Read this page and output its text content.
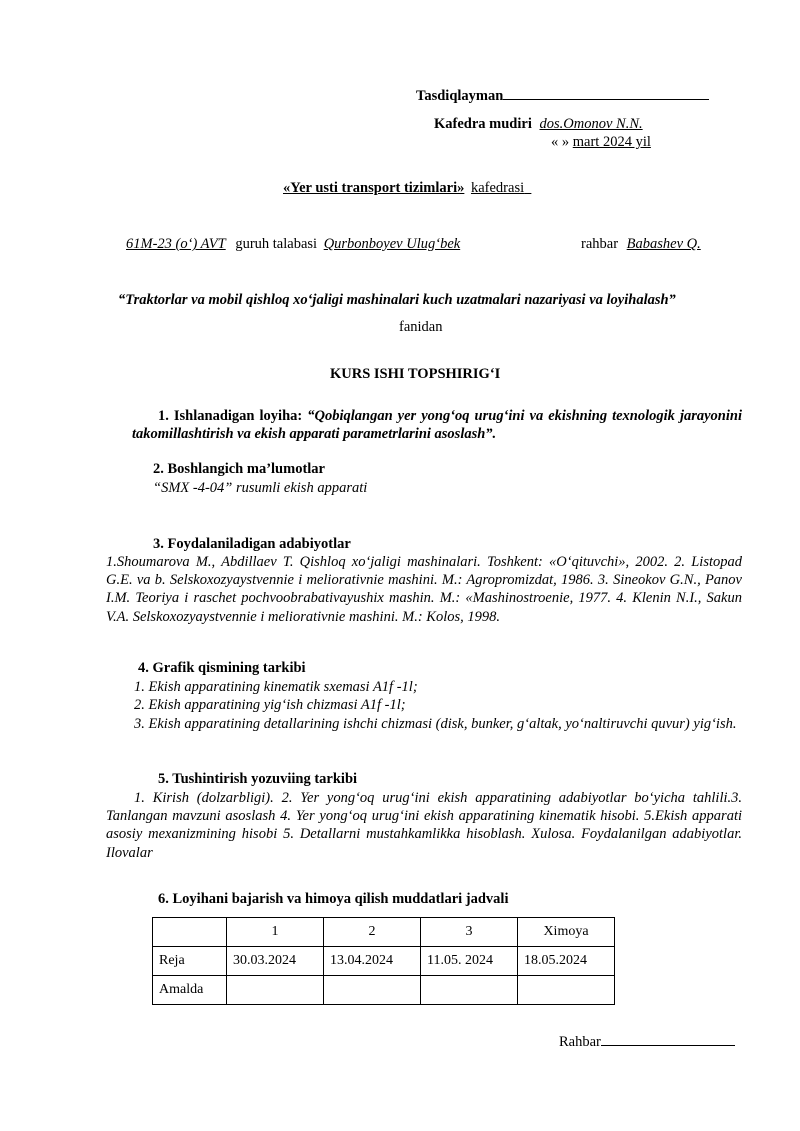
Tasdiqlayman
Kafedra mudiri dos.Omonov N.N.
« » mart 2024 yil
«Yer usti transport tizimlari» kafedrasi
61M-23 (o‘) AVT guruh talabasi Qurbonboyev Ulug‘bek	rahbar Babashev Q.
“Traktorlar va mobil qishloq xo‘jaligi mashinalari kuch uzatmalari nazariyasi va loyihalash”
fanidan
KURS ISHI TOPSHIRIG‘I
1. Ishlanadigan loyiha: “Qobiqlangan yer yong‘oq urug‘ini va ekishning texnologik jarayonini takomillashtirish va ekish apparati parametrlarini asoslash”.
2. Boshlangich ma’lumotlar
“SMX -4-04” rusumli ekish apparati
3. Foydalaniladigan adabiyotlar
1.Shoumarova M., Abdillaev T. Qishloq xo‘jaligi mashinalari. Toshkent: «O‘qituvchi», 2002. 2. Listopad G.E. va b. Selskoxozyaystvennie i meliorativnie mashini. M.: Agropromizdat, 1986. 3. Sineokov G.N., Panov I.M. Teoriya i raschet pochvoobrabativayushix mashin. M.: «Mashinostroenie, 1977. 4. Klenin N.I., Sakun V.A. Selskoxozyaystvennie i meliorativnie mashini. M.: Kolos, 1998.
4. Grafik qismining tarkibi
1. Ekish apparatining kinematik sxemasi A1f -1l;
2. Ekish apparatining yig‘ish chizmasi A1f -1l;
3. Ekish apparatining detallarining ishchi chizmasi (disk, bunker, g‘altak, yo‘naltiruvchi quvur) yig‘ish.
5. Tushintirish yozuviing tarkibi
1. Kirish (dolzarbligi). 2. Yer yong‘oq urug‘ini ekish apparatining adabiyotlar bo‘yicha tahlili.3. Tanlangan mavzuni asoslash 4. Yer yong‘oq urug‘ini ekish apparatining kinematik hisobi. 5.Ekish apparati asosiy mexanizmining hisobi 5. Detallarni mustahkamlikka hisoblash. Xulosa. Foydalanilgan adabiyotlar. Ilovalar
6. Loyihani bajarish va himoya qilish muddatlari jadvali
	1	2	3	Ximoya
Reja	30.03.2024	13.04.2024	11.05. 2024	18.05.2024
Amalda				
Rahbar
